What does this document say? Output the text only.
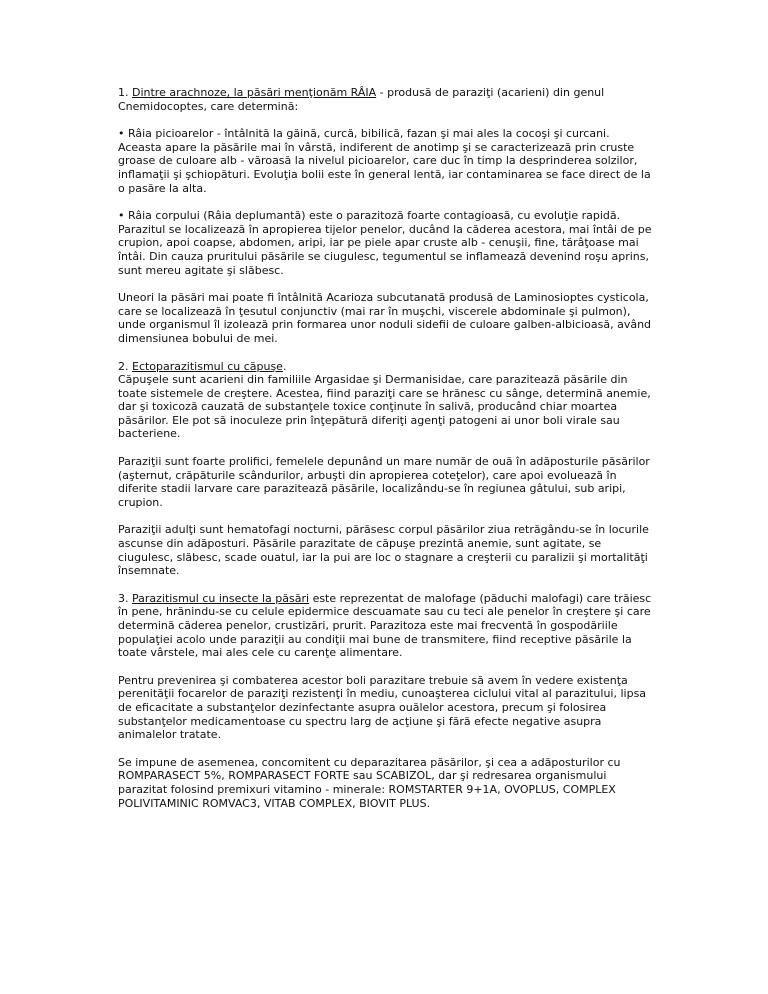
1. Dintre arachnoze, la păsări menţionăm RÂIA - produsă de paraziţi (acarieni) din genul Cnemidocoptes, care determină:

• Râia picioarelor - întâlnită la găină, curcă, bibilică, fazan şi mai ales la cocoşi şi curcani. Aceasta apare la păsările mai în vârstă, indiferent de anotimp şi se caracterizează prin cruste groase de culoare alb - văroasă la nivelul picioarelor, care duc în timp la desprinderea solzilor, inflamaţii şi şchiopături. Evoluţia bolii este în general lentă, iar contaminarea se face direct de la o pasăre la alta.

• Râia corpului (Râia deplumantă) este o parazitoză foarte contagioasă, cu evoluţie rapidă. Parazitul se localizează în apropierea tijelor penelor, ducând la căderea acestora, mai întâi de pe crupion, apoi coapse, abdomen, aripi, iar pe piele apar cruste alb - cenuşii, fine, tărâţoase mai întâi. Din cauza pruritului păsările se ciugulesc, tegumentul se inflamează devenind roşu aprins, sunt mereu agitate şi slăbesc.

Uneori la păsări mai poate fi întâlnită Acarioza subcutanată produsă de Laminosioptes cysticola, care se localizează în ţesutul conjunctiv (mai rar în muşchi, viscerele abdominale şi pulmon), unde organismul îl izolează prin formarea unor noduli sidefii de culoare galben-albicioasă, având dimensiunea bobului de mei.

2. Ectoparazitismul cu căpuşe.
Căpuşele sunt acarieni din familiile Argasidae şi Dermanisidae, care parazitează păsările din toate sistemele de creştere. Acestea, fiind paraziţi care se hrănesc cu sânge, determină anemie, dar şi toxicoză cauzată de substanţele toxice conţinute în salivă, producând chiar moartea păsărilor. Ele pot să inoculeze prin înţepătură diferiţi agenţi patogeni ai unor boli virale sau bacteriene.

Paraziţii sunt foarte prolifici, femelele depunând un mare număr de ouă în adăposturile păsărilor (aşternut, crăpăturile scândurilor, arbuşti din apropierea coteţelor), care apoi evoluează în diferite stadii larvare care parazitează păsările, localizându-se în regiunea gâtului, sub aripi, crupion.

Paraziţii adulţi sunt hematofagi nocturni, părăsesc corpul păsărilor ziua retrăgându-se în locurile ascunse din adăposturi. Păsările parazitate de căpuşe prezintă anemie, sunt agitate, se ciugulesc, slăbesc, scade ouatul, iar la pui are loc o stagnare a creşterii cu paralizii şi mortalităţi însemnate.

3. Parazitismul cu insecte la păsări este reprezentat de malofage (păduchi malofagi) care trăiesc în pene, hrănindu-se cu celule epidermice descuamate sau cu teci ale penelor în creştere şi care determină căderea penelor, crustizări, prurit. Parazitoza este mai frecventă în gospodăriile populaţiei acolo unde paraziţii au condiţii mai bune de transmitere, fiind receptive păsările la toate vârstele, mai ales cele cu carenţe alimentare.

Pentru prevenirea şi combaterea acestor boli parazitare trebuie să avem în vedere existenţa perenităţii focarelor de paraziţi rezistenţi în mediu, cunoaşterea ciclului vital al parazitului, lipsa de eficacitate a substanţelor dezinfectante asupra ouălelor acestora, precum şi folosirea substanţelor medicamentoase cu spectru larg de acţiune şi fără efecte negative asupra animalelor tratate.

Se impune de asemenea, concomitent cu deparazitarea păsărilor, şi cea a adăposturilor cu ROMPARASECT 5%, ROMPARASECT FORTE sau SCABIZOL, dar şi redresarea organismului parazitat folosind premixuri vitamino - minerale: ROMSTARTER 9+1A, OVOPLUS, COMPLEX POLIVITAMINIC ROMVAC3, VITAB COMPLEX, BIOVIT PLUS.
